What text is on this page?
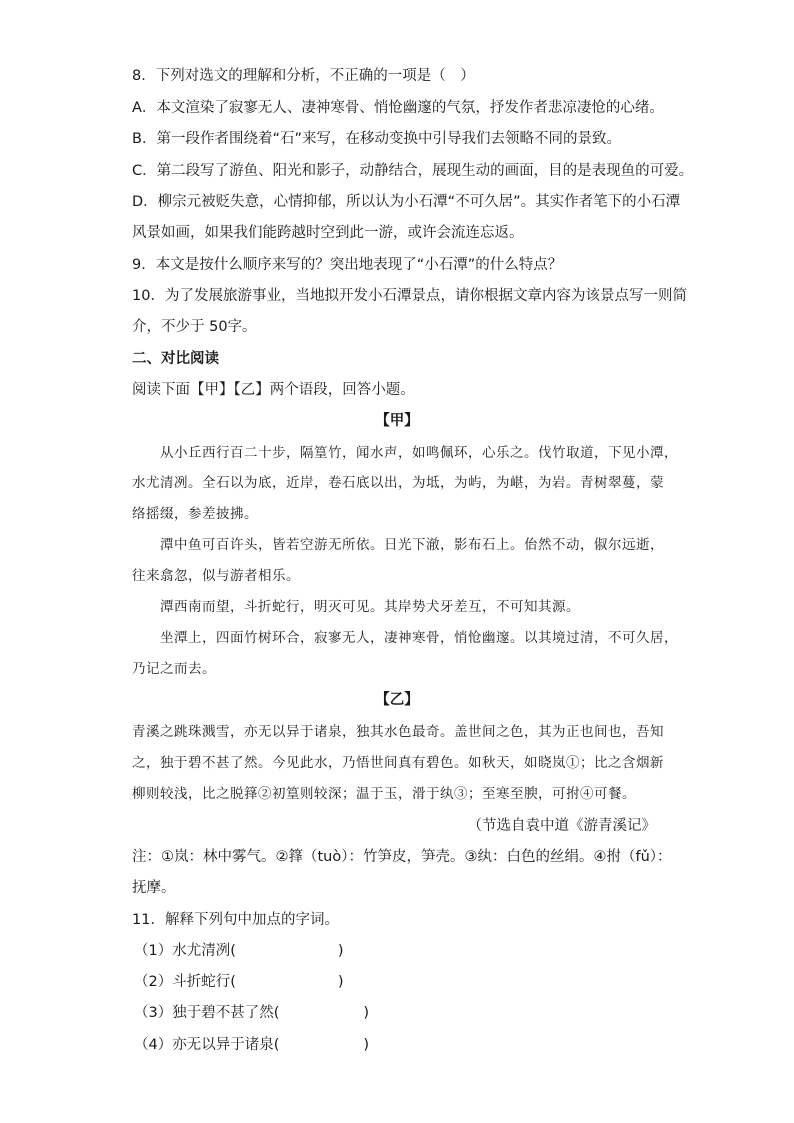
8．下列对选文的理解和分析，不正确的一项是（　）
A．本文渲染了寂寥无人、凄神寒骨、悄怆幽邃的气氛，抒发作者悲凉凄怆的心绪。
B．第一段作者围绕着“石”来写，在移动变换中引导我们去领略不同的景致。
C．第二段写了游鱼、阳光和影子，动静结合，展现生动的画面，目的是表现鱼的可爱。
D．柳宗元被贬失意，心情抑郁，所以认为小石潭“不可久居”。其实作者笔下的小石潭
风景如画，如果我们能跨越时空到此一游，或许会流连忘返。
9．本文是按什么顺序来写的？突出地表现了“小石潭”的什么特点？
10．为了发展旅游事业，当地拟开发小石潭景点，请你根据文章内容为该景点写一则简
介，不少于 50字。
二、对比阅读
阅读下面【甲】【乙】两个语段，回答小题。
【甲】
从小丘西行百二十步，隔篁竹，闻水声，如鸣佩环，心乐之。伐竹取道，下见小潭，
水尤清冽。全石以为底，近岸，卷石底以出，为坻，为屿，为嵁，为岩。青树翠蔓，蒙
络摇缀，参差披拂。
潭中鱼可百许头，皆若空游无所依。日光下澈，影布石上。佁然不动，俶尔远逝，
往来翕忽，似与游者相乐。
潭西南而望，斗折蛇行，明灭可见。其岸势犬牙差互，不可知其源。
坐潭上，四面竹树环合，寂寥无人，凄神寒骨，悄怆幽邃。以其境过清，不可久居，
乃记之而去。
【乙】
青溪之跳珠溅雪，亦无以异于诸泉，独其水色最奇。盖世间之色，其为正也间也，吾知
之，独于碧不甚了然。今见此水，乃悟世间真有碧色。如秋天，如晓岚①；比之含烟新
柳则较浅，比之脱箨②初篁则较深；温于玉，滑于纨③；至寒至腴，可拊④可餐。
（节选自袁中道《游青溪记》
注：①岚：林中雾气。②箨（tuò）：竹笋皮，笋壳。③纨：白色的丝绢。④拊（fǔ）：
抚摩。
11．解释下列句中加点的字词。
（1）水尤清冽(	)
（2）斗折蛇行(	)
（3）独于碧不甚了然(	)
（4）亦无以异于诸泉(	)
